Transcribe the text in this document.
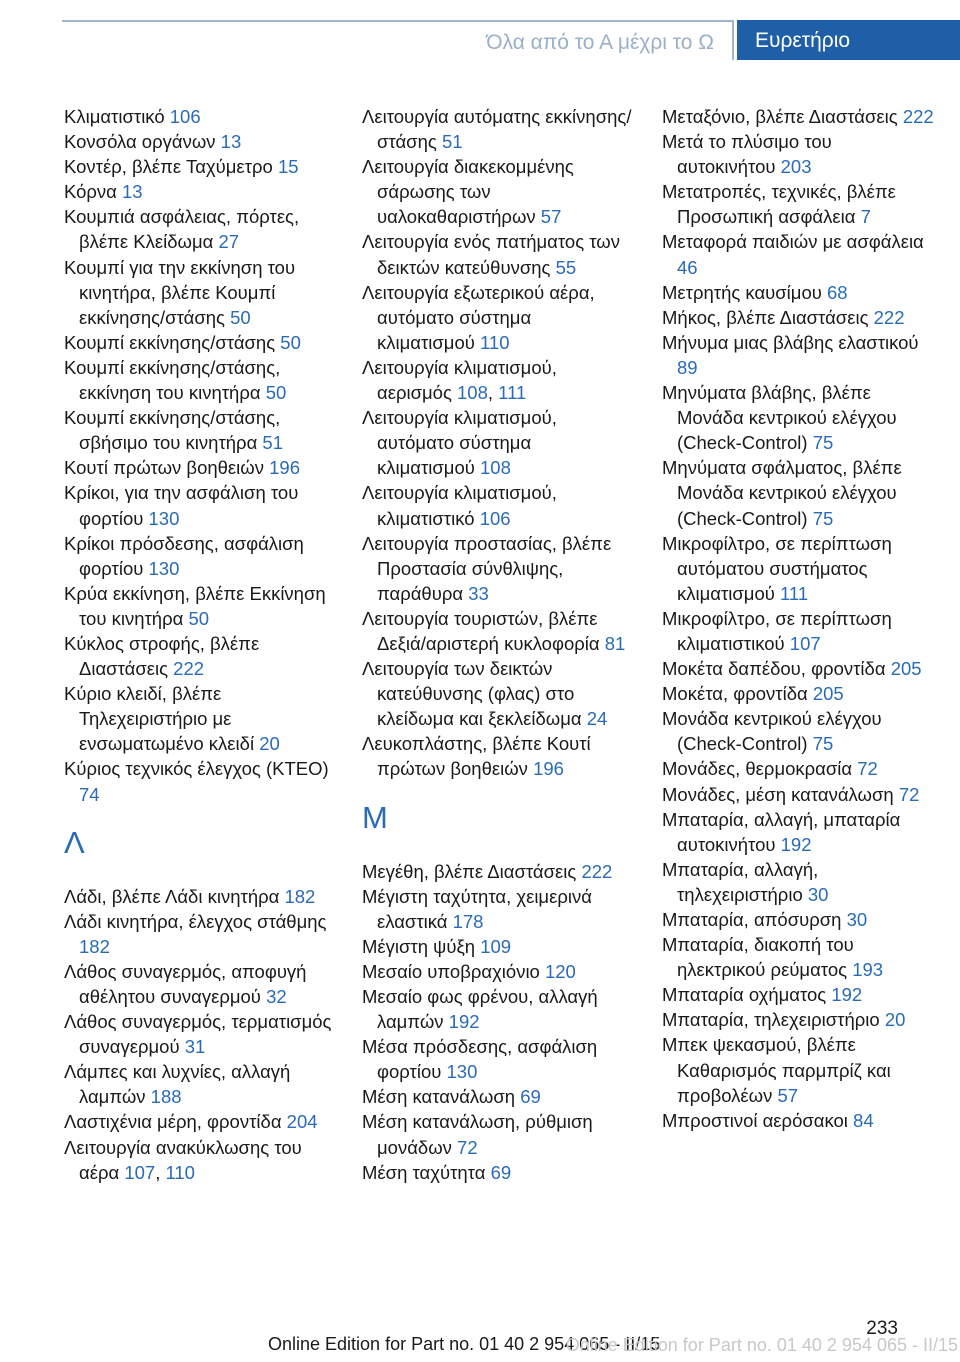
Όλα από το Α μέχρι το Ω	Ευρετήριο
Κλιματιστικό 106
Κονσόλα οργάνων 13
Κοντέρ, βλέπε Ταχύμετρο 15
Κόρνα 13
Κουμπιά ασφάλειας, πόρτες, βλέπε Κλείδωμα 27
Κουμπί για την εκκίνηση του κινητήρα, βλέπε Κουμπί εκκίνησης/στάσης 50
Κουμπί εκκίνησης/στάσης 50
Κουμπί εκκίνησης/στάσης, εκκίνηση του κινητήρα 50
Κουμπί εκκίνησης/στάσης, σβήσιμο του κινητήρα 51
Κουτί πρώτων βοηθειών 196
Κρίκοι, για την ασφάλιση του φορτίου 130
Κρίκοι πρόσδεσης, ασφάλιση φορτίου 130
Κρύα εκκίνηση, βλέπε Εκκίνηση του κινητήρα 50
Κύκλος στροφής, βλέπε Διαστάσεις 222
Κύριο κλειδί, βλέπε Τηλεχειριστήριο με ενσωματωμένο κλειδί 20
Κύριος τεχνικός έλεγχος (ΚΤΕΟ) 74
Λ
Λάδι, βλέπε Λάδι κινητήρα 182
Λάδι κινητήρα, έλεγχος στάθμης 182
Λάθος συναγερμός, αποφυγή αθέλητου συναγερμού 32
Λάθος συναγερμός, τερματισμός συναγερμού 31
Λάμπες και λυχνίες, αλλαγή λαμπών 188
Λαστιχένια μέρη, φροντίδα 204
Λειτουργία ανακύκλωσης του αέρα 107, 110
Λειτουργία αυτόματης εκκίνησης/στάσης 51
Λειτουργία διακεκομμένης σάρωσης των υαλοκαθαριστήρων 57
Λειτουργία ενός πατήματος των δεικτών κατεύθυνσης 55
Λειτουργία εξωτερικού αέρα, αυτόματο σύστημα κλιματισμού 110
Λειτουργία κλιματισμού, αερισμός 108, 111
Λειτουργία κλιματισμού, αυτόματο σύστημα κλιματισμού 108
Λειτουργία κλιματισμού, κλιματιστικό 106
Λειτουργία προστασίας, βλέπε Προστασία σύνθλιψης, παράθυρα 33
Λειτουργία τουριστών, βλέπε Δεξιά/αριστερή κυκλοφορία 81
Λειτουργία των δεικτών κατεύθυνσης (φλας) στο κλείδωμα και ξεκλείδωμα 24
Λευκοπλάστης, βλέπε Κουτί πρώτων βοηθειών 196
Μ
Μεγέθη, βλέπε Διαστάσεις 222
Μέγιστη ταχύτητα, χειμερινά ελαστικά 178
Μέγιστη ψύξη 109
Μεσαίο υποβραχιόνιο 120
Μεσαίο φως φρένου, αλλαγή λαμπών 192
Μέσα πρόσδεσης, ασφάλιση φορτίου 130
Μέση κατανάλωση 69
Μέση κατανάλωση, ρύθμιση μονάδων 72
Μέση ταχύτητα 69
Μεταξόνιο, βλέπε Διαστάσεις 222
Μετά το πλύσιμο του αυτοκινήτου 203
Μετατροπές, τεχνικές, βλέπε Προσωπική ασφάλεια 7
Μεταφορά παιδιών με ασφάλεια 46
Μετρητής καυσίμου 68
Μήκος, βλέπε Διαστάσεις 222
Μήνυμα μιας βλάβης ελαστικού 89
Μηνύματα βλάβης, βλέπε Μονάδα κεντρικού ελέγχου (Check-Control) 75
Μηνύματα σφάλματος, βλέπε Μονάδα κεντρικού ελέγχου (Check-Control) 75
Μικροφίλτρο, σε περίπτωση αυτόματου συστήματος κλιματισμού 111
Μικροφίλτρο, σε περίπτωση κλιματιστικού 107
Μοκέτα δαπέδου, φροντίδα 205
Μοκέτα, φροντίδα 205
Μονάδα κεντρικού ελέγχου (Check-Control) 75
Μονάδες, θερμοκρασία 72
Μονάδες, μέση κατανάλωση 72
Μπαταρία, αλλαγή, μπαταρία αυτοκινήτου 192
Μπαταρία, αλλαγή, τηλεχειριστήριο 30
Μπαταρία, απόσυρση 30
Μπαταρία, διακοπή του ηλεκτρικού ρεύματος 193
Μπαταρία οχήματος 192
Μπαταρία, τηλεχειριστήριο 20
Μπεκ ψεκασμού, βλέπε Καθαρισμός παρμπρίζ και προβολέων 57
Μπροστινοί αερόσακοι 84
233
Online Edition for Part no. 01 40 2 954 065 - II/15
Online Edition for Part no. 01 40 2 954 065 - II/15
